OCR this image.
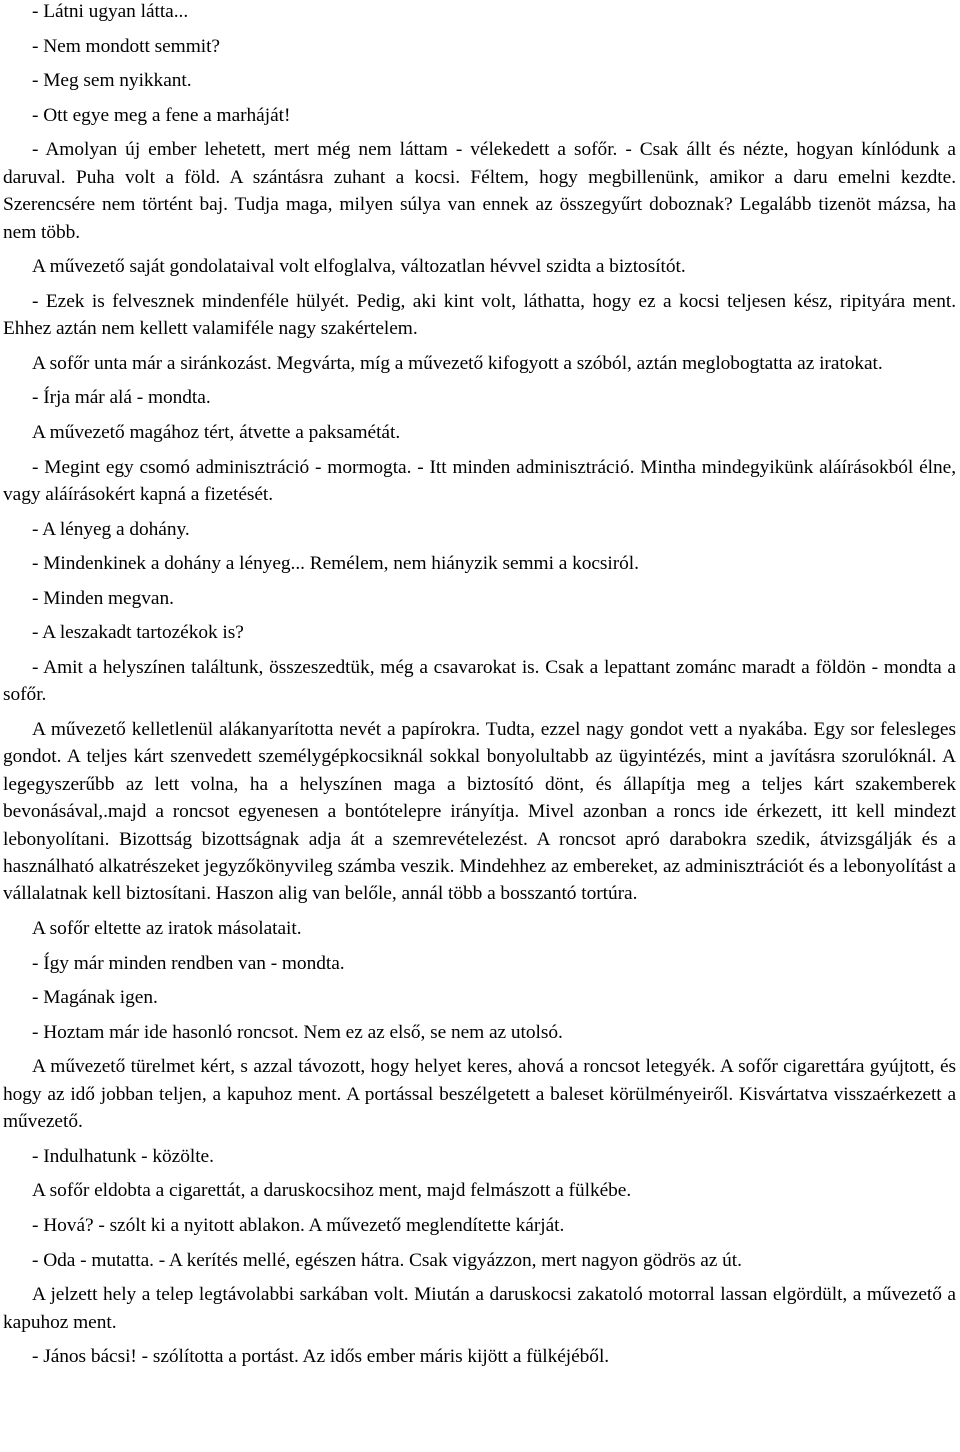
- Látni ugyan látta...

- Nem mondott semmit?

- Meg sem nyikkant.

- Ott egye meg a fene a marháját!

- Amolyan új ember lehetett, mert még nem láttam - vélekedett a sofőr. - Csak állt és nézte, hogyan kínlódunk a daruval. Puha volt a föld. A szántásra zuhant a kocsi. Féltem, hogy megbillenünk, amikor a daru emelni kezdte. Szerencsére nem történt baj. Tudja maga, milyen súlya van ennek az összegyűrt doboznak? Legalább tizenöt mázsa, ha nem több.

A művezető saját gondolataival volt elfoglalva, változatlan hévvel szidta a biztosítót.

- Ezek is felvesznek mindenféle hülyét. Pedig, aki kint volt, láthatta, hogy ez a kocsi teljesen kész, ripityára ment. Ehhez aztán nem kellett valamiféle nagy szakértelem.

A sofőr unta már a siránkozást. Megvárta, míg a művezető kifogyott a szóból, aztán meglobogtatta az iratokat.

- Írja már alá - mondta.

A művezető magához tért, átvette a paksamétát.

- Megint egy csomó adminisztráció - mormogta. - Itt minden adminisztráció. Mintha mindegyikünk aláírásokból élne, vagy aláírásokért kapná a fizetését.

- A lényeg a dohány.

- Mindenkinek a dohány a lényeg... Remélem, nem hiányzik semmi a kocsiról.

- Minden megvan.

- A leszakadt tartozékok is?

- Amit a helyszínen találtunk, összeszedtük, még a csavarokat is. Csak a lepattant zománc maradt a földön - mondta a sofőr.

A művezető kelletlenül alákanyarította nevét a papírokra. Tudta, ezzel nagy gondot vett a nyakába. Egy sor felesleges gondot. A teljes kárt szenvedett személygépkocsiknál sokkal bonyolultabb az ügyintézés, mint a javításra szorulóknál. A legegyszerűbb az lett volna, ha a helyszínen maga a biztosító dönt, és állapítja meg a teljes kárt szakemberek bevonásával,.majd a roncsot egyenesen a bontótelepre irányítja. Mivel azonban a roncs ide érkezett, itt kell mindezt lebonyolítani. Bizottság bizottságnak adja át a szemrevételezést. A roncsot apró darabokra szedik, átvizsgálják és a használható alkatrészeket jegyzőkönyvileg számba veszik. Mindehhez az embereket, az adminisztrációt és a lebonyolítást a vállalatnak kell biztosítani. Haszon alig van belőle, annál több a bosszantó tortúra.

A sofőr eltette az iratok másolatait.

- Így már minden rendben van - mondta.

- Magának igen.

- Hoztam már ide hasonló roncsot. Nem ez az első, se nem az utolsó.

A művezető türelmet kért, s azzal távozott, hogy helyet keres, ahová a roncsot letegyék. A sofőr cigarettára gyújtott, és hogy az idő jobban teljen, a kapuhoz ment. A portással beszélgetett a baleset körülményeiről. Kisvártatva visszaérkezett a művezető.

- Indulhatunk - közölte.

A sofőr eldobta a cigarettát, a daruskocsihoz ment, majd felmászott a fülkébe.

- Hová? - szólt ki a nyitott ablakon. A művezető meglendítette kárját.

- Oda - mutatta. - A kerítés mellé, egészen hátra. Csak vigyázzon, mert nagyon gödrös az út.

A jelzett hely a telep legtávolabbi sarkában volt. Miután a daruskocsi zakatoló motorral lassan elgördült, a művezető a kapuhoz ment.

- János bácsi! - szólította a portást. Az idős ember máris kijött a fülkéjéből.
